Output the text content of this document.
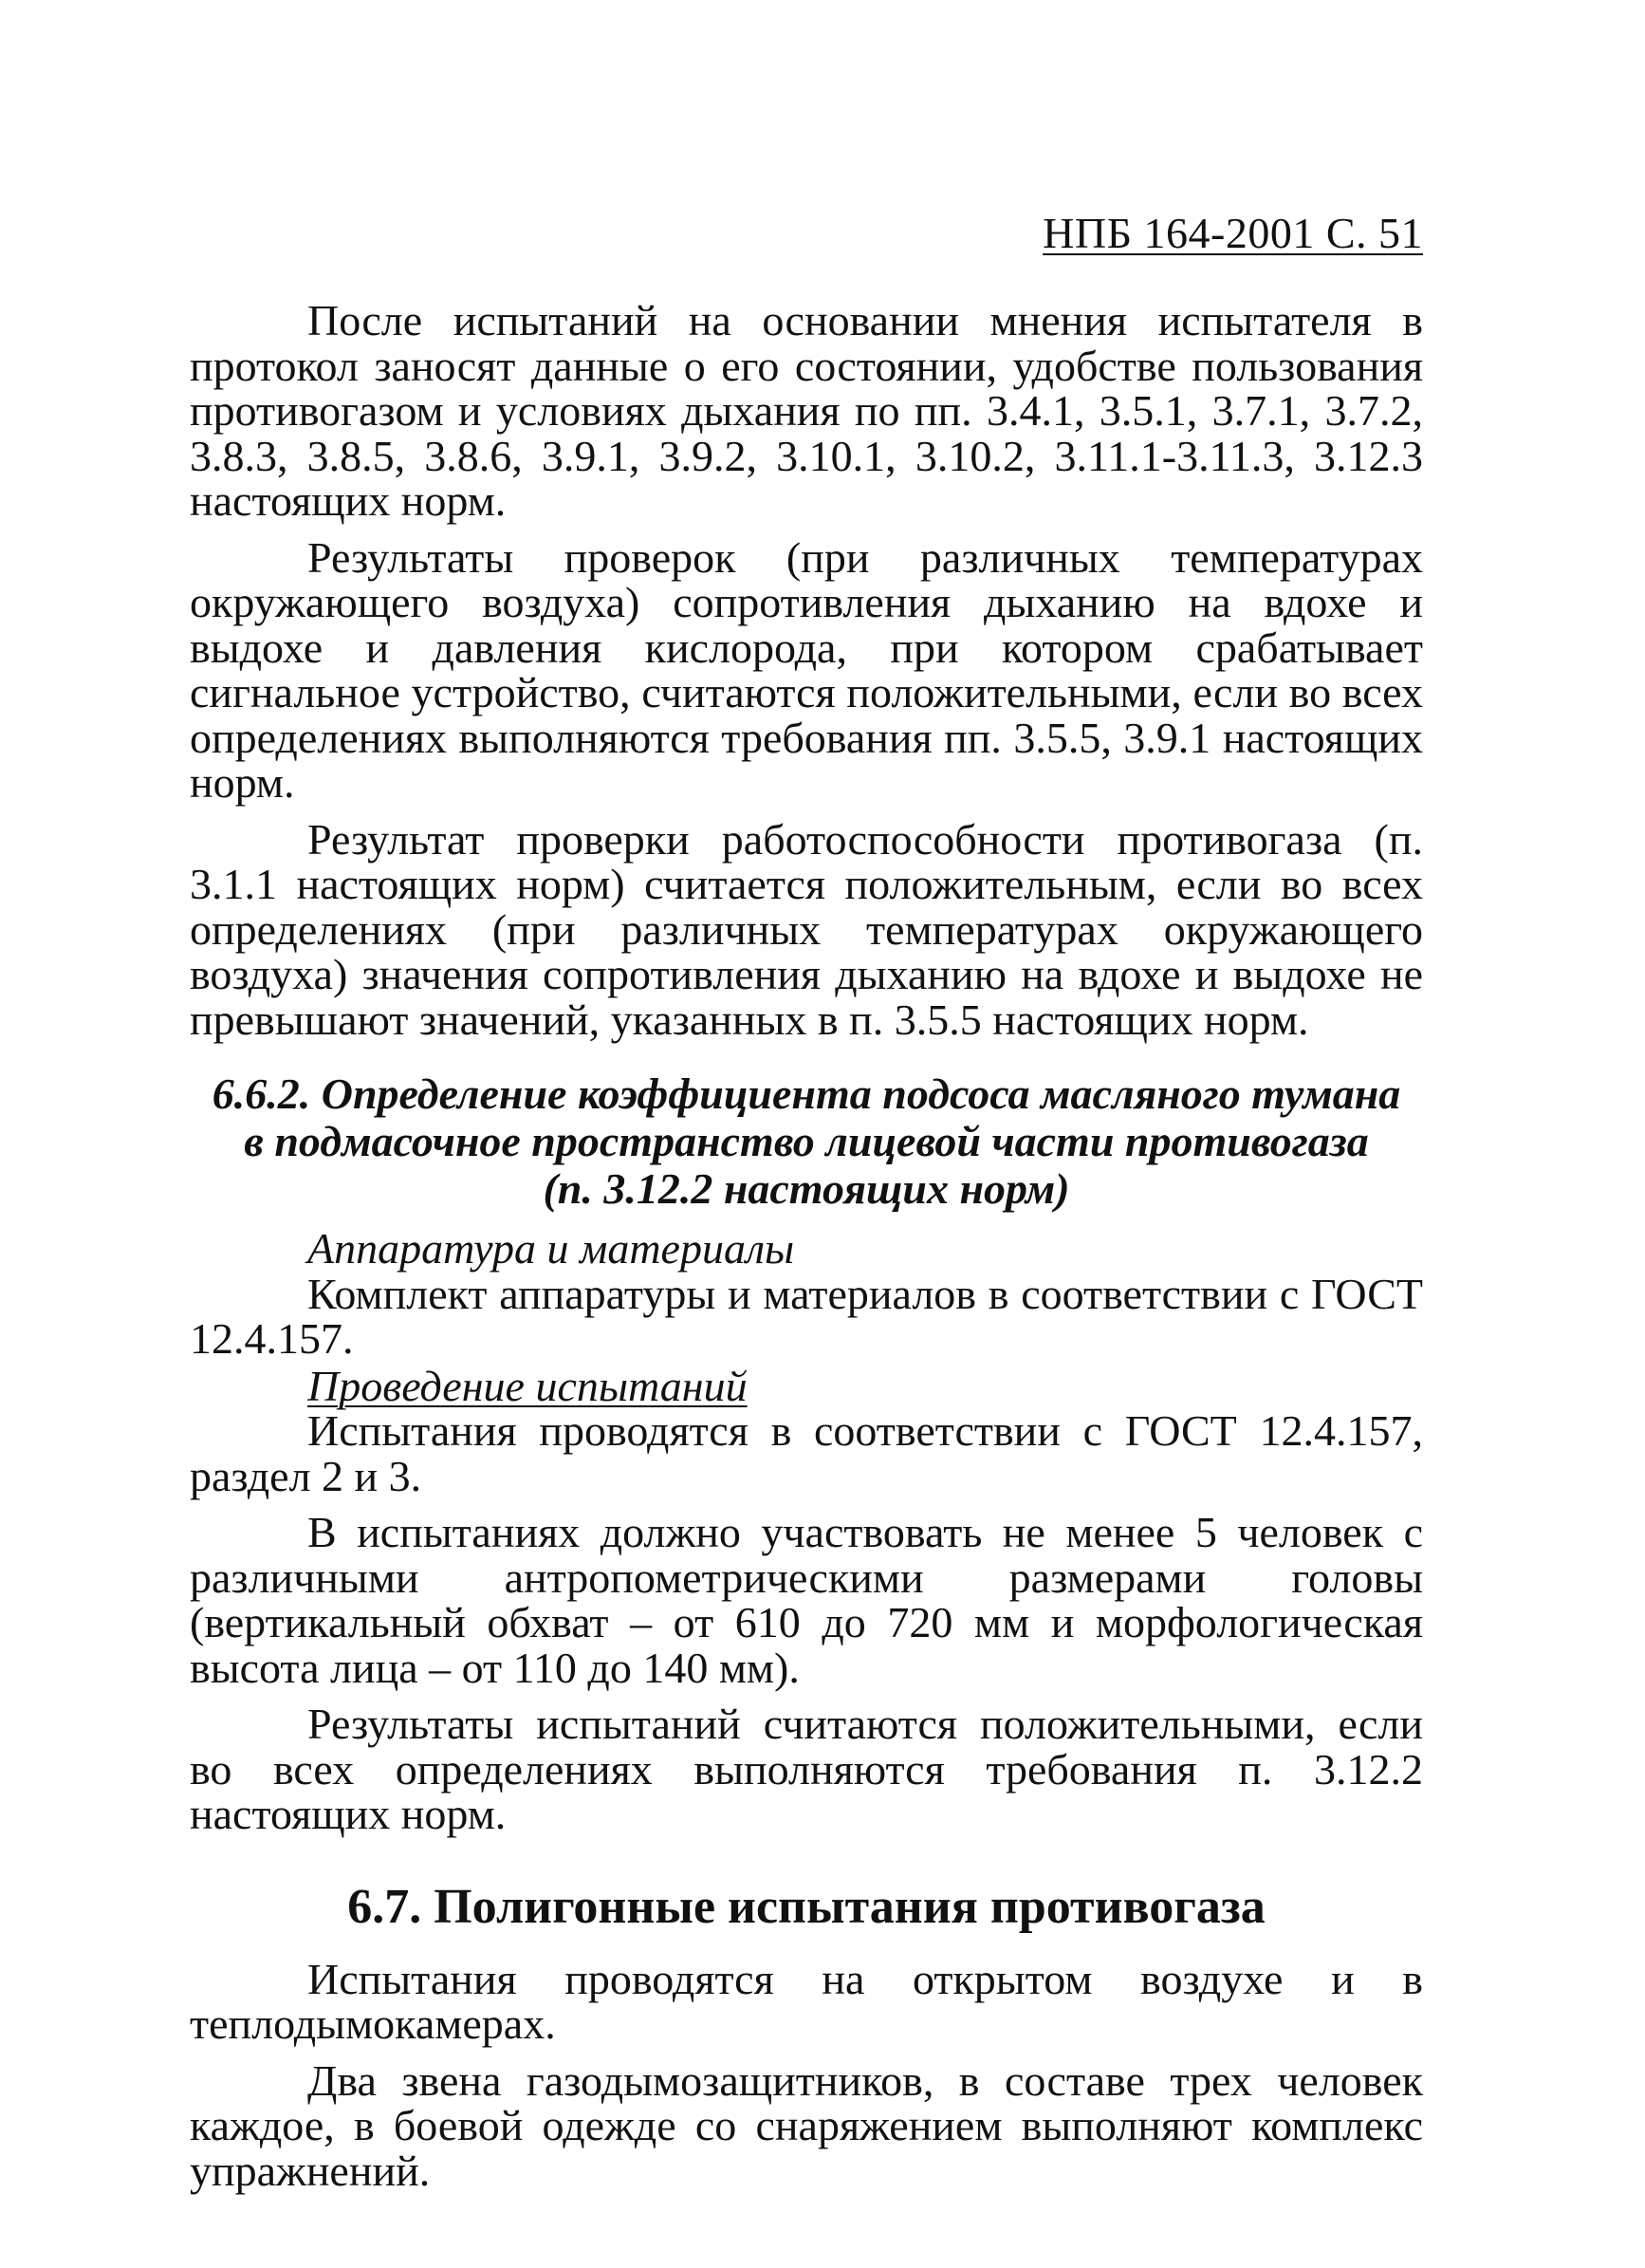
НПБ 164-2001 С. 51

После испытаний на основании мнения испытателя в протокол заносят данные о его состоянии, удобстве пользования противогазом и условиях дыхания по пп. 3.4.1, 3.5.1, 3.7.1, 3.7.2, 3.8.3, 3.8.5, 3.8.6, 3.9.1, 3.9.2, 3.10.1, 3.10.2, 3.11.1-3.11.3, 3.12.3 настоящих норм.

Результаты проверок (при различных температурах окружающего воздуха) сопротивления дыханию на вдохе и выдохе и давления кислорода, при котором срабатывает сигнальное устройство, считаются положительными, если во всех определениях выполняются требования пп. 3.5.5, 3.9.1 настоящих норм.

Результат проверки работоспособности противогаза (п. 3.1.1 настоящих норм) считается положительным, если во всех определениях (при различных температурах окружающего воздуха) значения сопротивления дыханию на вдохе и выдохе не превышают значений, указанных в п. 3.5.5 настоящих норм.

6.6.2. Определение коэффициента подсоса масляного тумана
в подмасочное пространство лицевой части противогаза
(п. 3.12.2 настоящих норм)

Аппаратура и материалы

Комплект аппаратуры и материалов в соответствии с ГОСТ 12.4.157.

Проведение испытаний

Испытания проводятся в соответствии с ГОСТ 12.4.157, раздел 2 и 3.

В испытаниях должно участвовать не менее 5 человек с различными антропометрическими размерами головы (вертикальный обхват – от 610 до 720 мм и морфологическая высота лица – от 110 до 140 мм).

Результаты испытаний считаются положительными, если во всех определениях выполняются требования п. 3.12.2 настоящих норм.

6.7. Полигонные испытания противогаза

Испытания проводятся на открытом воздухе и в теплодымокамерах.

Два звена газодымозащитников, в составе трех человек каждое, в боевой одежде со снаряжением выполняют комплекс упражнений.
